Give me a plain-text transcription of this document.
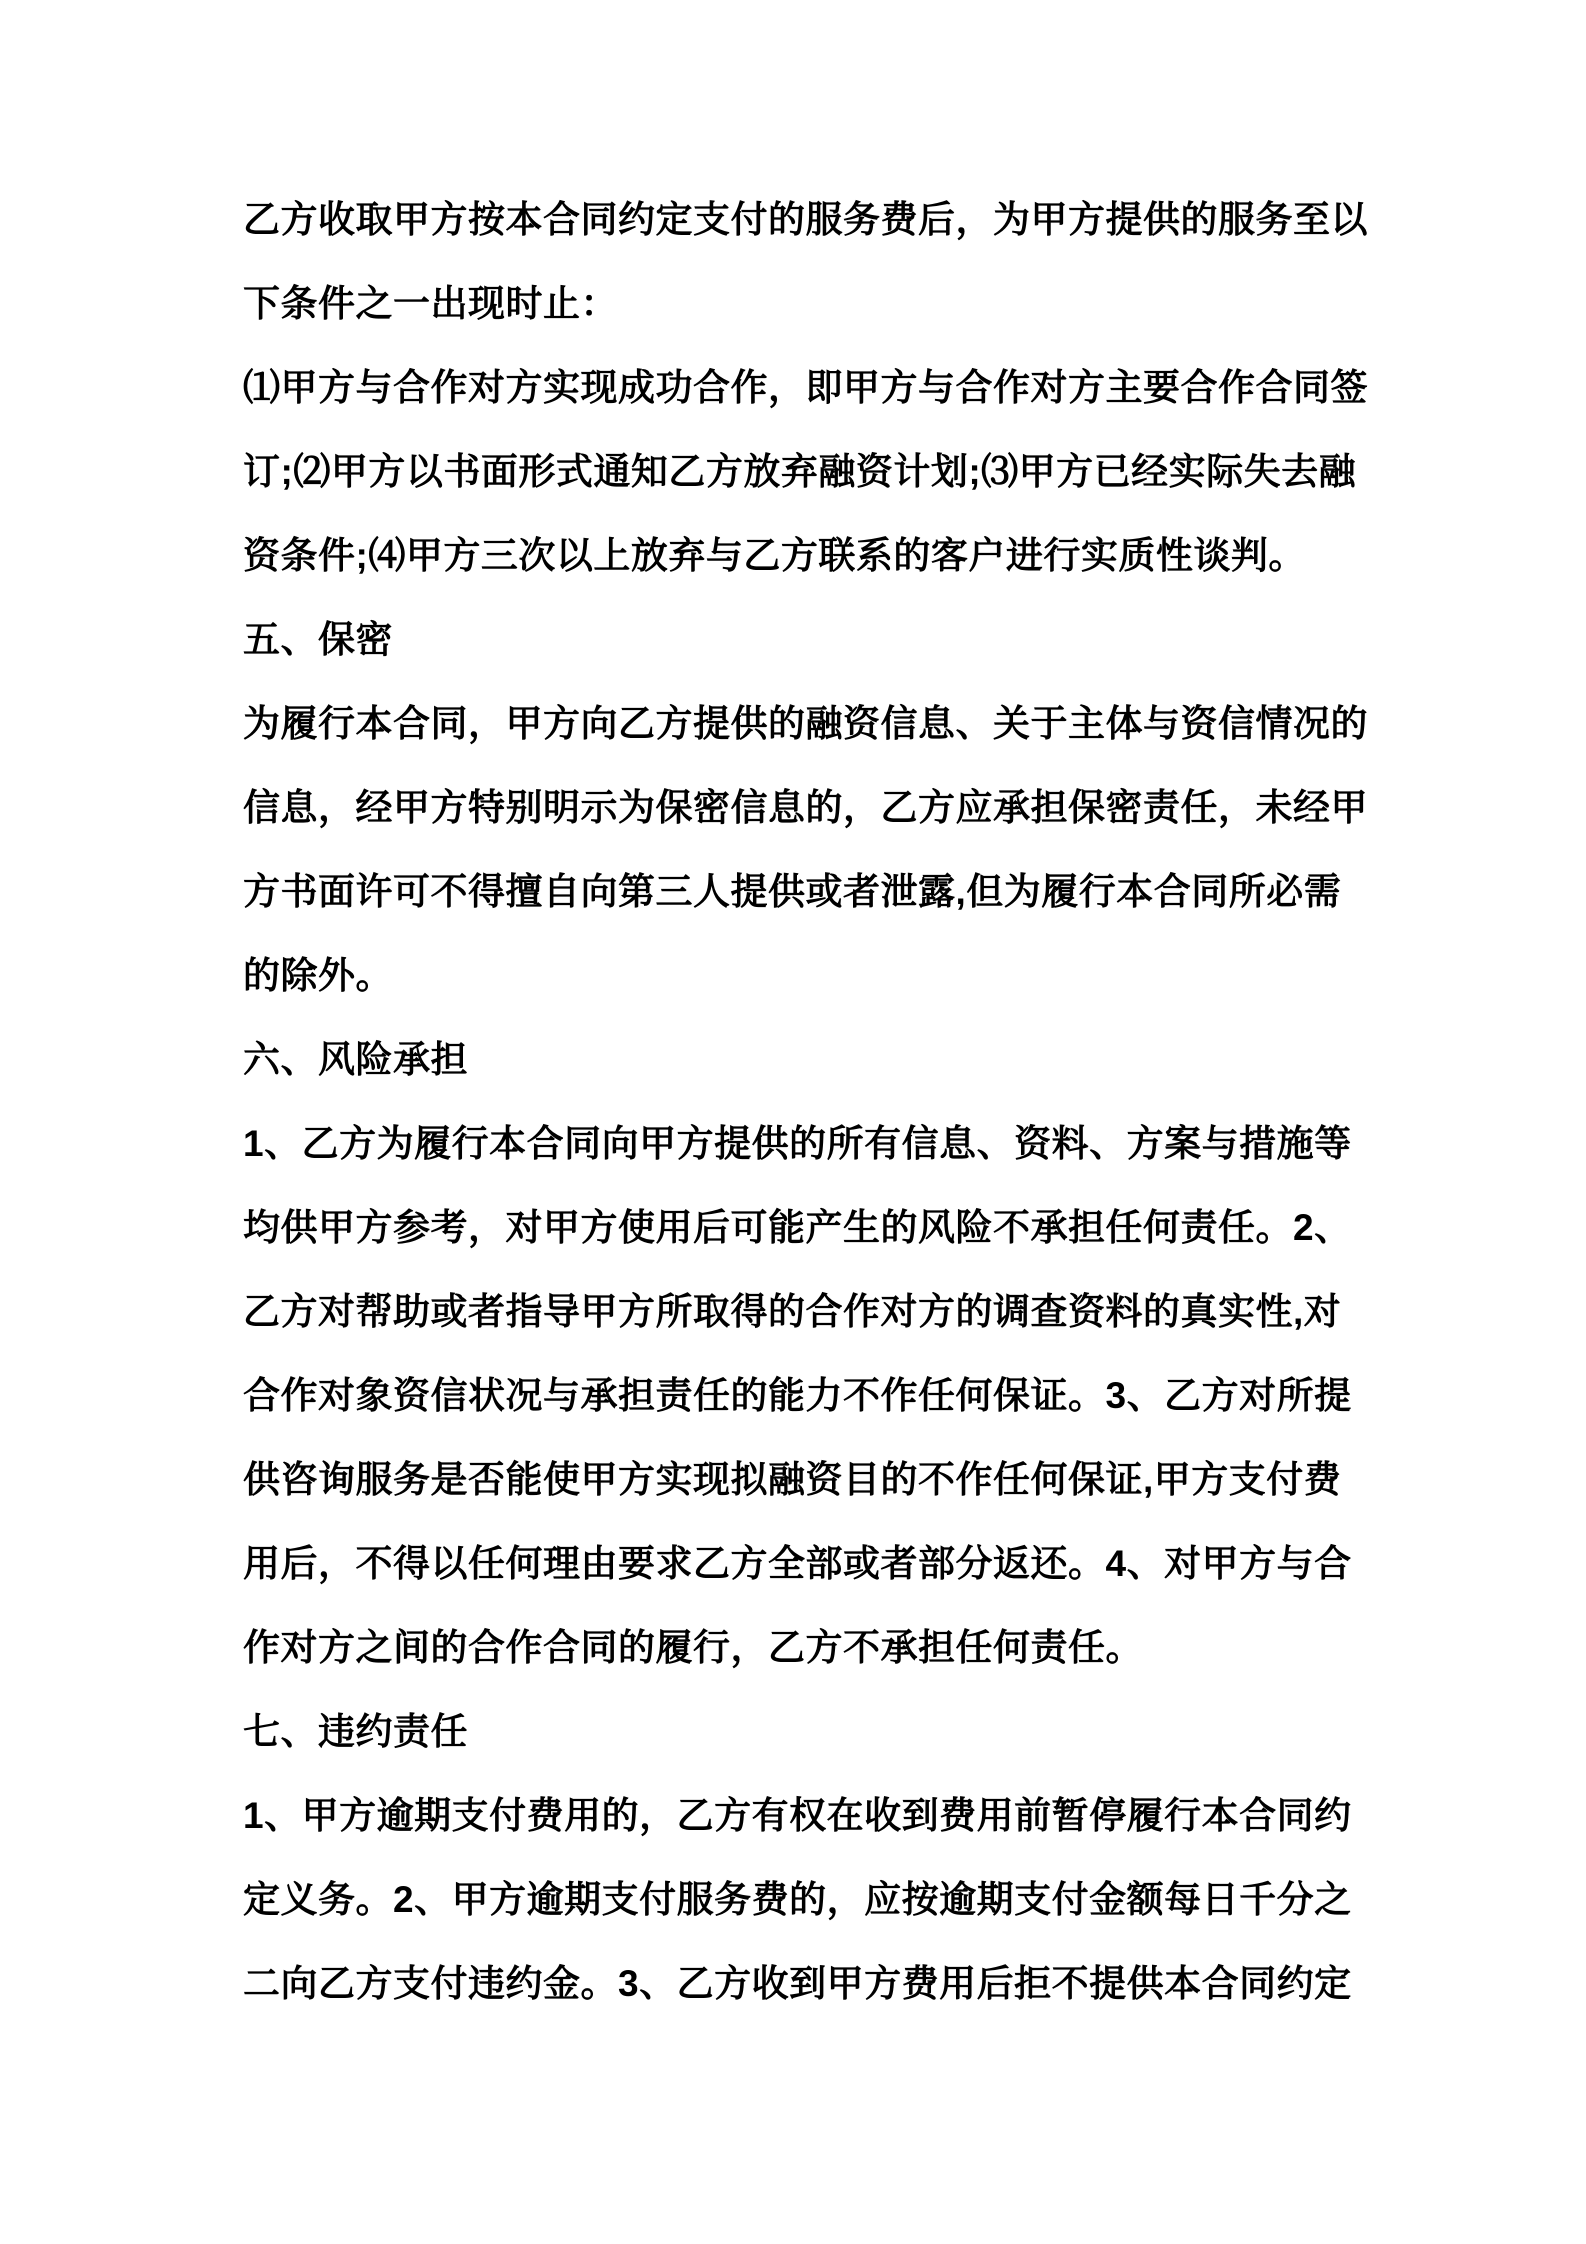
乙方收取甲方按本合同约定支付的服务费后，为甲方提供的服务至以
下条件之一出现时止：
⑴甲方与合作对方实现成功合作，即甲方与合作对方主要合作合同签
订;⑵甲方以书面形式通知乙方放弃融资计划;⑶甲方已经实际失去融
资条件;⑷甲方三次以上放弃与乙方联系的客户进行实质性谈判。
五、保密
为履行本合同，甲方向乙方提供的融资信息、关于主体与资信情况的
信息，经甲方特别明示为保密信息的，乙方应承担保密责任，未经甲
方书面许可不得擅自向第三人提供或者泄露,但为履行本合同所必需
的除外。
六、风险承担
1、乙方为履行本合同向甲方提供的所有信息、资料、方案与措施等
均供甲方参考，对甲方使用后可能产生的风险不承担任何责任。2、
乙方对帮助或者指导甲方所取得的合作对方的调查资料的真实性,对
合作对象资信状况与承担责任的能力不作任何保证。3、乙方对所提
供咨询服务是否能使甲方实现拟融资目的不作任何保证,甲方支付费
用后，不得以任何理由要求乙方全部或者部分返还。4、对甲方与合
作对方之间的合作合同的履行，乙方不承担任何责任。
七、违约责任
1、甲方逾期支付费用的，乙方有权在收到费用前暂停履行本合同约
定义务。2、甲方逾期支付服务费的，应按逾期支付金额每日千分之
二向乙方支付违约金。3、乙方收到甲方费用后拒不提供本合同约定
